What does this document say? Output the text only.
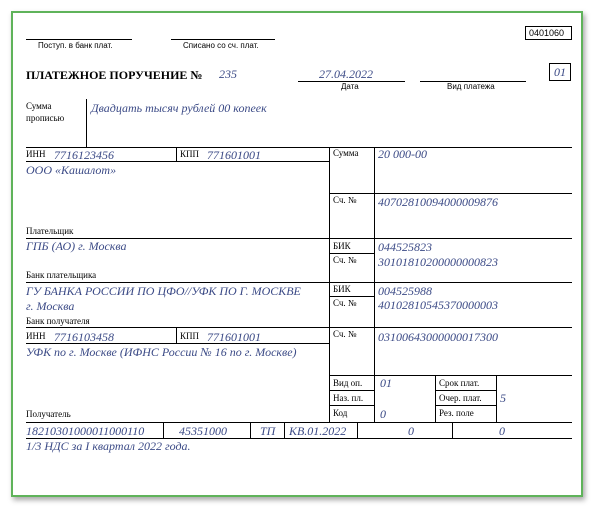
0401060
Поступ. в банк плат.	Списано со сч. плат.
ПЛАТЕЖНОЕ ПОРУЧЕНИЕ № 235	27.04.2022
Дата	Вид платежа
01
Сумма
прописью
Двадцать тысяч рублей 00 копеек
ИНН 7716123456	КПП 771601001
ООО «Кашалот»
Плательщик
Сумма 20 000-00
Сч. № 40702810094000009876
ГПБ (АО) г. Москва
Банк плательщика
БИК 044525823
Сч. № 30101810200000000823
ГУ БАНКА РОССИИ ПО ЦФО//УФК ПО Г. МОСКВЕ
г. Москва
Банк получателя
БИК 004525988
Сч. № 40102810545370000003
ИНН 7716103458	КПП 771601001
УФК по г. Москве (ИФНС России № 16 по г. Москве)
Получатель
Сч. № 03100643000000017300
Вид оп. 01
Наз. пл.
Код	0
Срок плат.
Очер. плат. 5
Рез. поле
18210301000011000110	45351000	ТП КВ.01.2022	0	0
1/3 НДС за I квартал 2022 года.
